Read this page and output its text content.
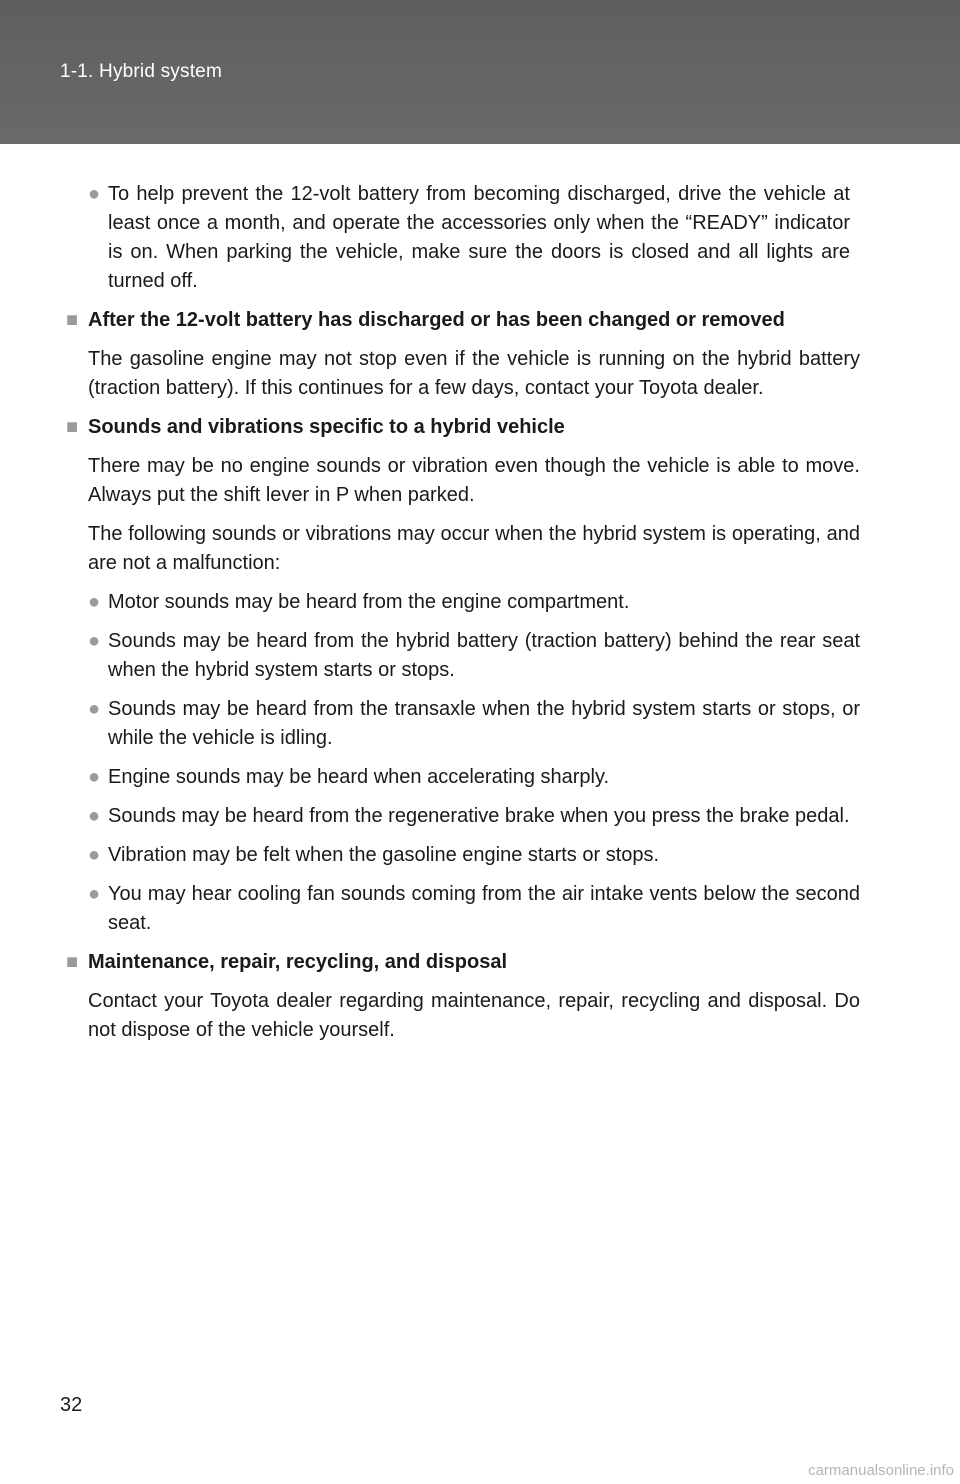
1-1. Hybrid system

● To help prevent the 12-volt battery from becoming discharged, drive the vehicle at least once a month, and operate the accessories only when the “READY” indicator is on. When parking the vehicle, make sure the doors is closed and all lights are turned off.

■ After the 12-volt battery has discharged or has been changed or removed

The gasoline engine may not stop even if the vehicle is running on the hybrid battery (traction battery). If this continues for a few days, contact your Toyota dealer.

■ Sounds and vibrations specific to a hybrid vehicle

There may be no engine sounds or vibration even though the vehicle is able to move. Always put the shift lever in P when parked.

The following sounds or vibrations may occur when the hybrid system is operating, and are not a malfunction:

● Motor sounds may be heard from the engine compartment.

● Sounds may be heard from the hybrid battery (traction battery) behind the rear seat when the hybrid system starts or stops.

● Sounds may be heard from the transaxle when the hybrid system starts or stops, or while the vehicle is idling.

● Engine sounds may be heard when accelerating sharply.

● Sounds may be heard from the regenerative brake when you press the brake pedal.

● Vibration may be felt when the gasoline engine starts or stops.

● You may hear cooling fan sounds coming from the air intake vents below the second seat.

■ Maintenance, repair, recycling, and disposal

Contact your Toyota dealer regarding maintenance, repair, recycling and disposal. Do not dispose of the vehicle yourself.

32
carmanualsonline.info
